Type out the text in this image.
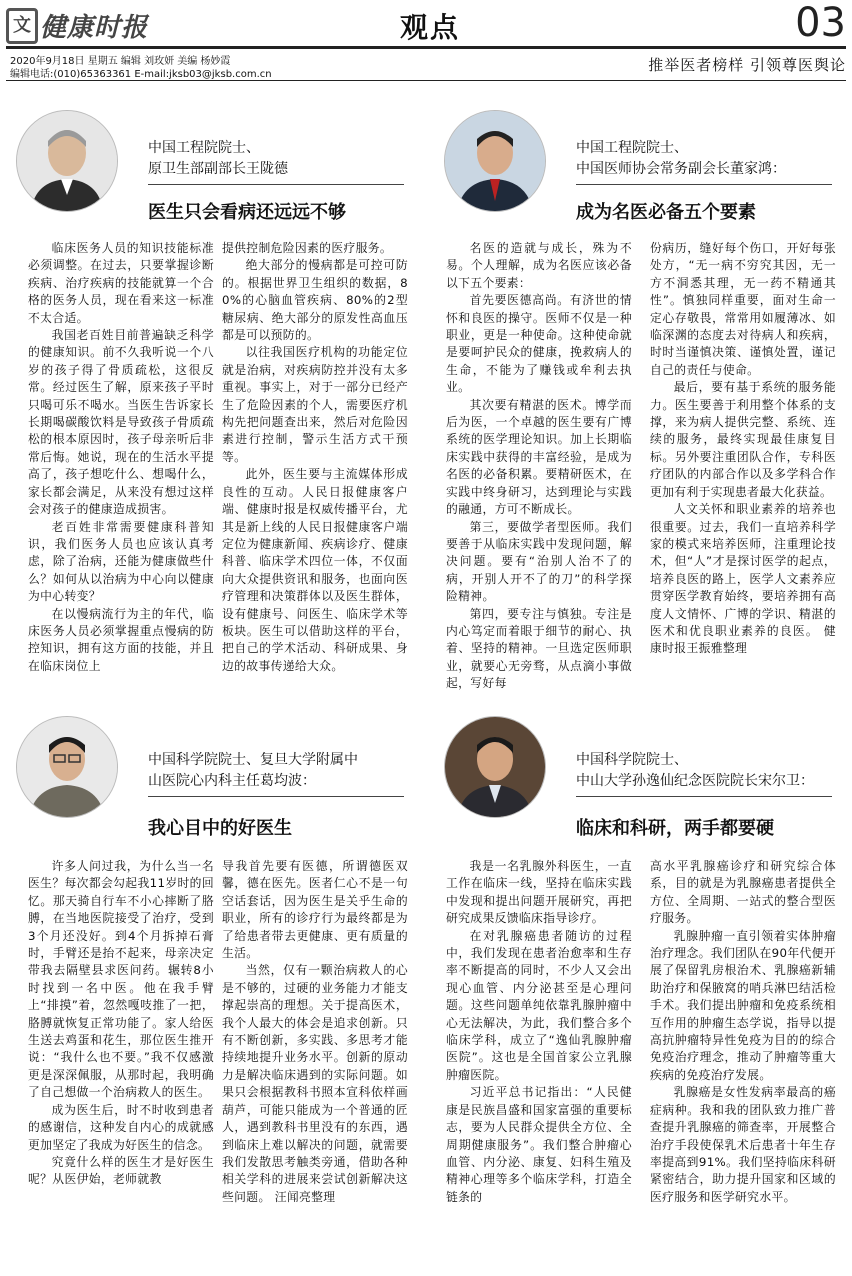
文 健康时报	观点	03
2020年9月18日 星期五 编辑 刘玫妍 美编 杨妙霞
编辑电话:(010)65363361 E-mail:jksb03@jksb.com.cn
推举医者榜样 引领尊医舆论
中国工程院院士、
原卫生部副部长王陇德
医生只会看病还远远不够

临床医务人员的知识技能标准必须调整。在过去，只要掌握诊断疾病、治疗疾病的技能就算一个合格的医务人员，现在看来这一标准不太合适。

我国老百姓目前普遍缺乏科学的健康知识。前不久我听说一个八岁的孩子得了骨质疏松，这很反常。经过医生了解，原来孩子平时只喝可乐不喝水。当医生告诉家长长期喝碳酸饮料是导致孩子骨质疏松的根本原因时，孩子母亲听后非常后悔。她说，现在的生活水平提高了，孩子想吃什么、想喝什么，家长都会满足，从来没有想过这样会对孩子的健康造成损害。

老百姓非常需要健康科普知识，我们医务人员也应该认真考虑，除了治病，还能为健康做些什么？如何从以治病为中心向以健康为中心转变？

在以慢病流行为主的年代，临床医务人员必须掌握重点慢病的防控知识，拥有这方面的技能，并且在临床岗位上

提供控制危险因素的医疗服务。

绝大部分的慢病都是可控可防的。根据世界卫生组织的数据，80%的心脑血管疾病、80%的2型糖尿病、绝大部分的原发性高血压都是可以预防的。

以往我国医疗机构的功能定位就是治病，对疾病防控并没有太多重视。事实上，对于一部分已经产生了危险因素的个人，需要医疗机构先把问题查出来，然后对危险因素进行控制，警示生活方式干预等。

此外，医生要与主流媒体形成良性的互动。人民日报健康客户端、健康时报是权威传播平台，尤其是新上线的人民日报健康客户端定位为健康新闻、疾病诊疗、健康科普、临床学术四位一体，不仅面向大众提供资讯和服务，也面向医疗管理和决策群体以及医生群体，设有健康号、问医生、临床学术等板块。医生可以借助这样的平台，把自己的学术活动、科研成果、身边的故事传递给大众。

中国工程院院士、
中国医师协会常务副会长董家鸿：
成为名医必备五个要素

名医的造就与成长，殊为不易。个人理解，成为名医应该必备以下五个要素：

首先要医德高尚。有济世的情怀和良医的操守。医师不仅是一种职业，更是一种使命。这种使命就是要呵护民众的健康，挽救病人的生命，不能为了赚钱或牟利去执业。

其次要有精湛的医术。博学而后为医，一个卓越的医生要有广博系统的医学理论知识。加上长期临床实践中获得的丰富经验，是成为名医的必备积累。要精研医术，在实践中终身研习，达到理论与实践的融通，方可不断成长。

第三，要做学者型医师。我们要善于从临床实践中发现问题，解决问题。要有“治别人治不了的病，开别人开不了的刀”的科学探险精神。

第四，要专注与慎独。专注是内心笃定而着眼于细节的耐心、执着、坚持的精神。一旦选定医师职业，就要心无旁骛，从点滴小事做起，写好每

份病历，缝好每个伤口，开好每张处方，“无一病不穷究其因，无一方不洞悉其理，无一药不精通其性”。慎独同样重要，面对生命一定心存敬畏，常常用如履薄冰、如临深渊的态度去对待病人和疾病，时时当谨慎决策、谨慎处置，谨记自己的责任与使命。

最后，要有基于系统的服务能力。医生要善于利用整个体系的支撑，来为病人提供完整、系统、连续的服务，最终实现最佳康复目标。另外要注重团队合作，专科医疗团队的内部合作以及多学科合作更加有利于实现患者最大化获益。

人文关怀和职业素养的培养也很重要。过去，我们一直培养科学家的模式来培养医师，注重理论技术，但“人”才是探讨医学的起点，培养良医的路上，医学人文素养应贯穿医学教育始终，要培养拥有高度人文情怀、广博的学识、精湛的医术和优良职业素养的良医。 健康时报王振雅整理

中国科学院院士、复旦大学附属中
山医院心内科主任葛均波：
我心目中的好医生

许多人问过我，为什么当一名医生？每次都会勾起我11岁时的回忆。那天骑自行车不小心摔断了胳膊，在当地医院接受了治疗，受到3个月还没好。到4个月拆掉石膏时，手臂还是抬不起来，母亲决定带我去隔壁县求医问药。辗转8小时找到一名中医。他在我手臂上“排摸”着，忽然嘎吱推了一把，胳膊就恢复正常功能了。家人给医生送去鸡蛋和花生，那位医生推开说：“我什么也不要。”我不仅感激更是深深佩服，从那时起，我明确了自己想做一个治病救人的医生。

成为医生后，时不时收到患者的感谢信，这种发自内心的成就感更加坚定了我成为好医生的信念。

究竟什么样的医生才是好医生呢？从医伊始，老师就教

导我首先要有医德，所谓德医双馨，德在医先。医者仁心不是一句空话套话，因为医生是关乎生命的职业，所有的诊疗行为最终都是为了给患者带去更健康、更有质量的生活。

当然，仅有一颗治病救人的心是不够的，过硬的业务能力才能支撑起崇高的理想。关于提高医术，我个人最大的体会是追求创新。只有不断创新，多实践、多思考才能持续地提升业务水平。创新的原动力是解决临床遇到的实际问题。如果只会根据教科书照本宣科依样画葫芦，可能只能成为一个普通的匠人，遇到教科书里没有的东西，遇到临床上难以解决的问题，就需要我们发散思考触类旁通，借助各种相关学科的进展来尝试创新解决这些问题。 汪闻亮整理

中国科学院院士、
中山大学孙逸仙纪念医院院长宋尔卫：
临床和科研，两手都要硬

我是一名乳腺外科医生，一直工作在临床一线，坚持在临床实践中发现和提出问题开展研究，再把研究成果反馈临床指导诊疗。

在对乳腺癌患者随访的过程中，我们发现在患者治愈率和生存率不断提高的同时，不少人又会出现心血管、内分泌甚至是心理问题。这些问题单纯依靠乳腺肿瘤中心无法解决，为此，我们整合多个临床学科，成立了“逸仙乳腺肿瘤医院”。这也是全国首家公立乳腺肿瘤医院。

习近平总书记指出：“人民健康是民族昌盛和国家富强的重要标志，要为人民群众提供全方位、全周期健康服务”。我们整合肿瘤心血管、内分泌、康复、妇科生殖及精神心理等多个临床学科，打造全链条的

高水平乳腺癌诊疗和研究综合体系，目的就是为乳腺癌患者提供全方位、全周期、一站式的整合型医疗服务。

乳腺肿瘤一直引领着实体肿瘤治疗理念。我们团队在90年代便开展了保留乳房根治术、乳腺癌新辅助治疗和保腋窝的哨兵淋巴结活检手术。我们提出肿瘤和免疫系统相互作用的肿瘤生态学说，指导以提高抗肿瘤特异性免疫为目的的综合免疫治疗理念，推动了肿瘤等重大疾病的免疫治疗发展。

乳腺癌是女性发病率最高的癌症病种。我和我的团队致力推广普查提升乳腺癌的筛查率，开展整合治疗手段使保乳术后患者十年生存率提高到91%。我们坚持临床科研紧密结合，助力提升国家和区域的医疗服务和医学研究水平。
